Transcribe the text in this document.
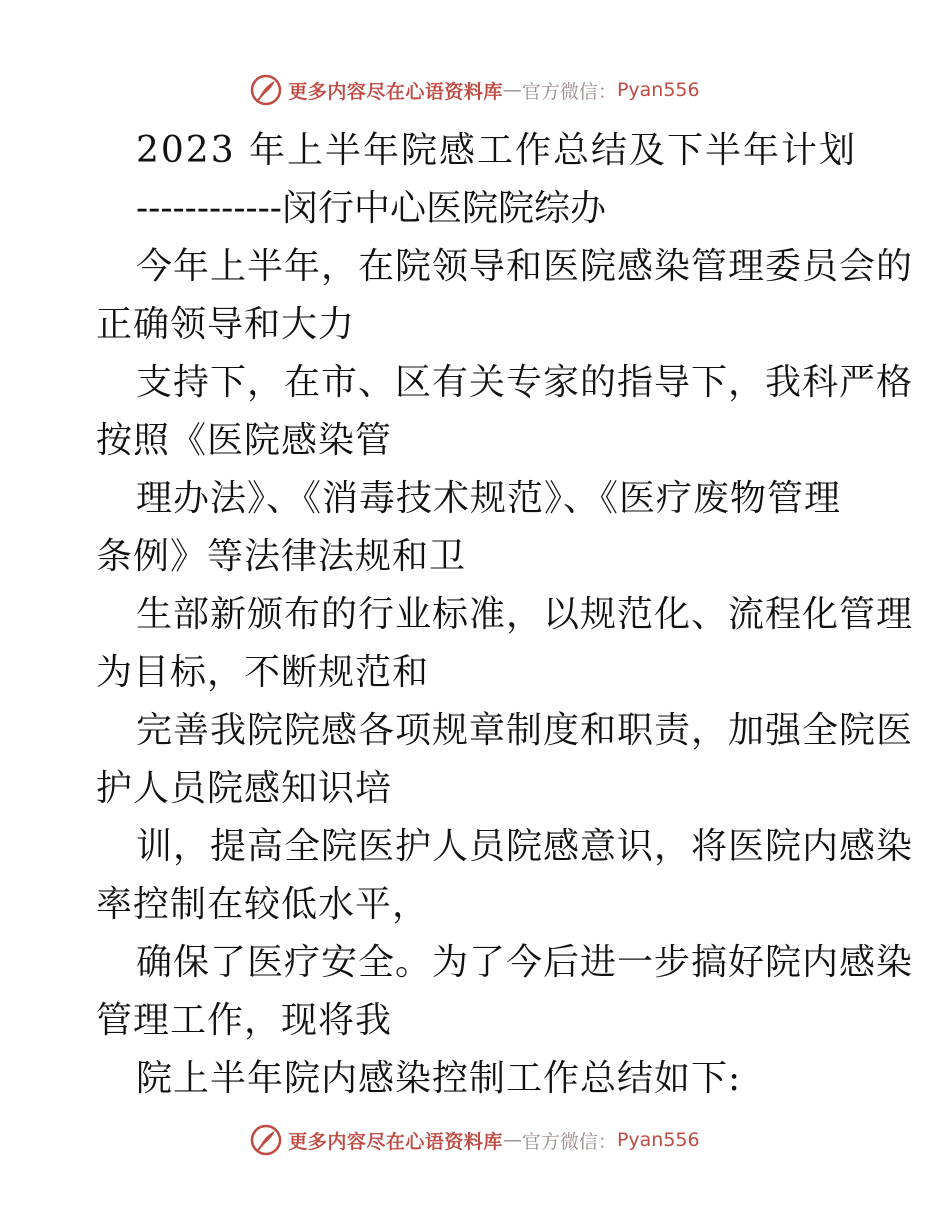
更多内容尽在心语资料库 — 官方微信： Pyan556
2023 年上半年院感工作总结及下半年计划
------------闵行中心医院院综办
今年上半年，在院领导和医院感染管理委员会的
正确领导和大力
支持下，在市、区有关专家的指导下，我科严格
按照《医院感染管
理办法》、《消毒技术规范》、《医疗废物管理
条例》等法律法规和卫
生部新颁布的行业标准，以规范化、流程化管理
为目标，不断规范和
完善我院院感各项规章制度和职责，加强全院医
护人员院感知识培
训，提高全院医护人员院感意识，将医院内感染
率控制在较低水平，
确保了医疗安全。为了今后进一步搞好院内感染
管理工作，现将我
院上半年院内感染控制工作总结如下:
更多内容尽在心语资料库 — 官方微信： Pyan556
